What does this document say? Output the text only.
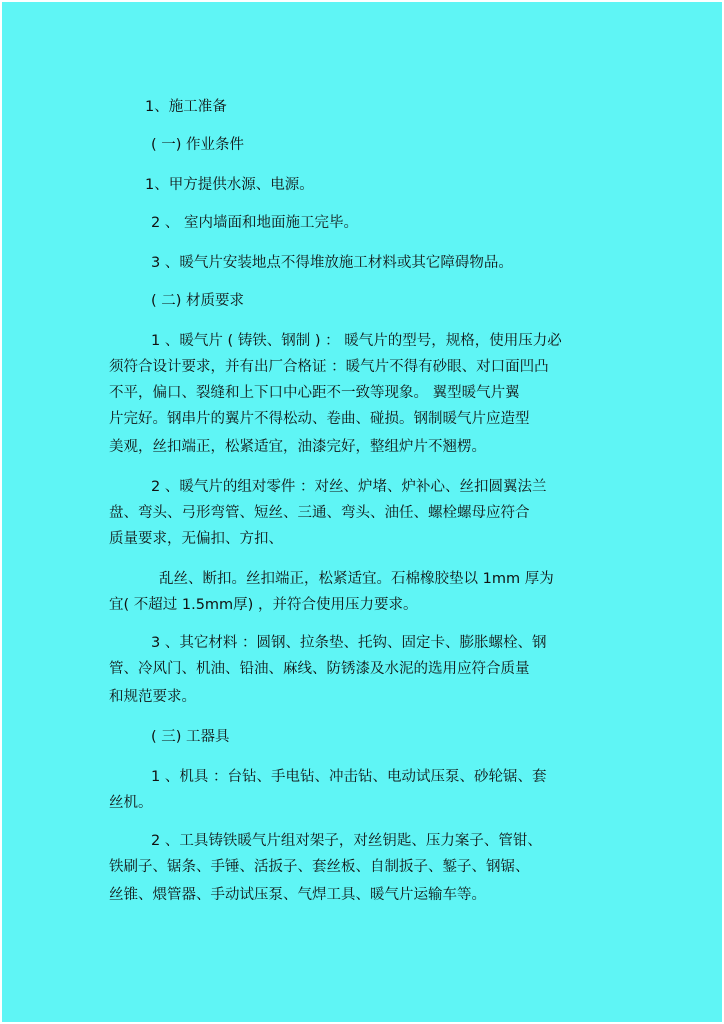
1、施工准备
( 一) 作业条件
1、甲方提供水源、电源。
2 、 室内墙面和地面施工完毕。
3 、暖气片安装地点不得堆放施工材料或其它障碍物品。
( 二) 材质要求
1 、暖气片 ( 铸铁、钢制 ) ： 暖气片的型号，规格，使用压力必
须符合设计要求，并有出厂合格证 ：暖气片不得有砂眼、对口面凹凸
不平，偏口、裂缝和上下口中心距不一致等现象。 翼型暖气片翼
片完好。钢串片的翼片不得松动、卷曲、碰损。钢制暖气片应造型
美观，丝扣端正，松紧适宜，油漆完好，整组炉片不翘楞。
2 、暖气片的组对零件 ：对丝、炉堵、炉补心、丝扣圆翼法兰
盘、弯头、弓形弯管、短丝、三通、弯头、油任、螺栓螺母应符合
质量要求，无偏扣、方扣、
乱丝、断扣。丝扣端正，松紧适宜。石棉橡胶垫以 1mm 厚为
宜( 不超过 1.5mm厚) ，并符合使用压力要求。
3 、其它材料 ：圆钢、拉条垫、托钩、固定卡、膨胀螺栓、钢
管、冷风门、机油、铅油、麻线、防锈漆及水泥的选用应符合质量
和规范要求。
( 三) 工器具
1 、机具 ：台钻、手电钻、冲击钻、电动试压泵、砂轮锯、套
丝机。
2 、工具铸铁暖气片组对架子，对丝钥匙、压力案子、管钳、
铁刷子、锯条、手锤、活扳子、套丝板、自制扳子、錾子、钢锯、
丝锥、煨管器、手动试压泵、气焊工具、暖气片运输车等。
